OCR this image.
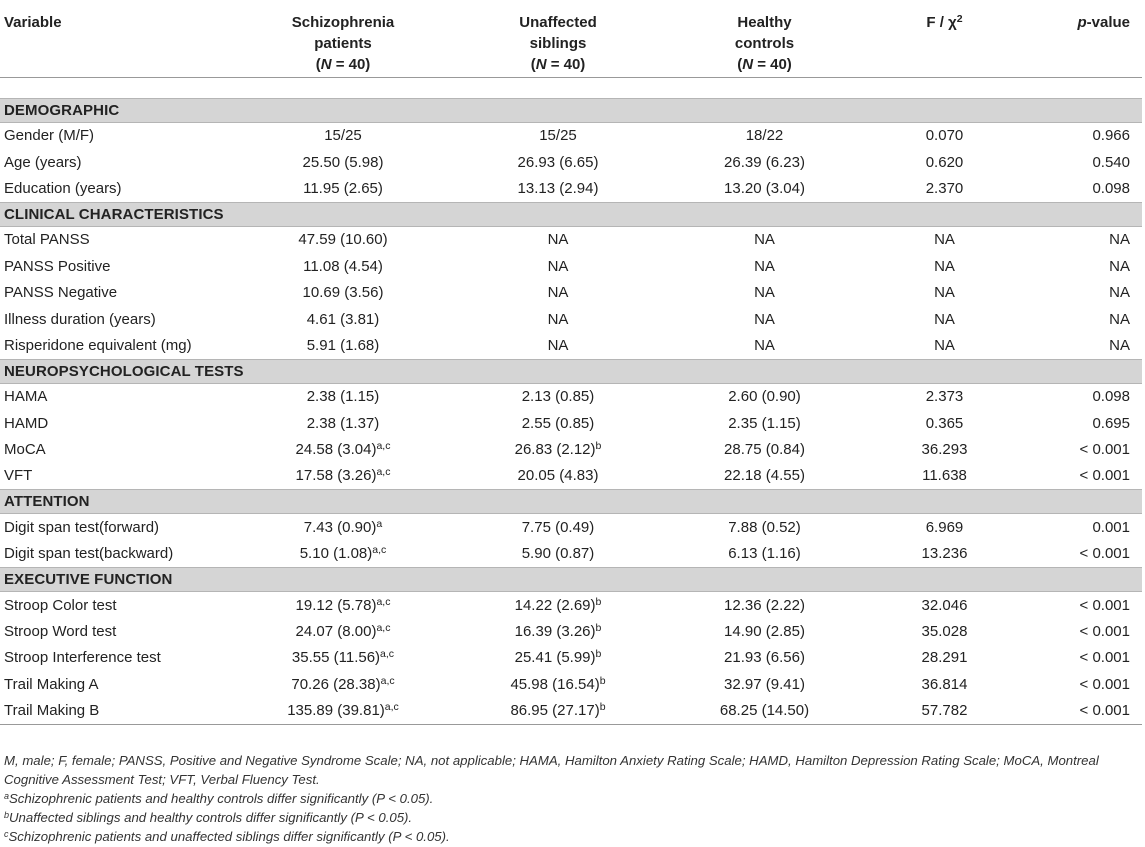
Variable	Schizophrenia
patients
(N = 40)	Unaffected
siblings
(N = 40)	Healthy
controls
(N = 40)	F / $\chi^2$	p-value

DEMOGRAPHIC					
Gender (M/F)	15/25	15/25	18/22	0.070	0.966
Age (years)	25.50 (5.98)	26.93 (6.65)	26.39 (6.23)	0.620	0.540
Education (years)	11.95 (2.65)	13.13 (2.94)	13.20 (3.04)	2.370	0.098
CLINICAL CHARACTERISTICS					
Total PANSS	47.59 (10.60)	NA	NA	NA	NA
PANSS Positive	11.08 (4.54)	NA	NA	NA	NA
PANSS Negative	10.69 (3.56)	NA	NA	NA	NA
Illness duration (years)	4.61 (3.81)	NA	NA	NA	NA
Risperidone equivalent (mg)	5.91 (1.68)	NA	NA	NA	NA
NEUROPSYCHOLOGICAL TESTS					
HAMA	2.38 (1.15)	2.13 (0.85)	2.60 (0.90)	2.373	0.098
HAMD	2.38 (1.37)	2.55 (0.85)	2.35 (1.15)	0.365	0.695
MoCA	24.58 $(3.04)^{a,c}$	26.83 $(2.12)^b$	28.75 (0.84)	36.293	< 0.001
VFT	17.58 $(3.26)^{a,c}$	20.05 (4.83)	22.18 (4.55)	11.638	< 0.001
ATTENTION					
Digit span test(forward)	7.43 $(0.90)^a$	7.75 (0.49)	7.88 (0.52)	6.969	0.001
Digit span test(backward)	5.10 $(1.08)^{a,c}$	5.90 (0.87)	6.13 (1.16)	13.236	< 0.001
EXECUTIVE FUNCTION					
Stroop Color test	19.12 $(5.78)^{a,c}$	14.22 $(2.69)^b$	12.36 (2.22)	32.046	< 0.001
Stroop Word test	24.07 $(8.00)^{a,c}$	16.39 $(3.26)^b$	14.90 (2.85)	35.028	< 0.001
Stroop Interference test	35.55 $(11.56)^{a,c}$	25.41 $(5.99)^b$	21.93 (6.56)	28.291	< 0.001
Trail Making A	70.26 $(28.38)^{a,c}$	45.98 $(16.54)^b$	32.97 (9.41)	36.814	< 0.001
Trail Making B	135.89 $(39.81)^{a,c}$	86.95 $(27.17)^b$	68.25 (14.50)	57.782	< 0.001

M, male; F, female; PANSS, Positive and Negative Syndrome Scale; NA, not applicable; HAMA, Hamilton Anxiety Rating Scale; HAMD, Hamilton Depression Rating Scale; MoCA, Montreal Cognitive Assessment Test; VFT, Verbal Fluency Test.

$^a$Schizophrenic patients and healthy controls differ significantly (P < 0.05).

$^b$Unaffected siblings and healthy controls differ significantly (P < 0.05).

$^c$Schizophrenic patients and unaffected siblings differ significantly (P < 0.05).
